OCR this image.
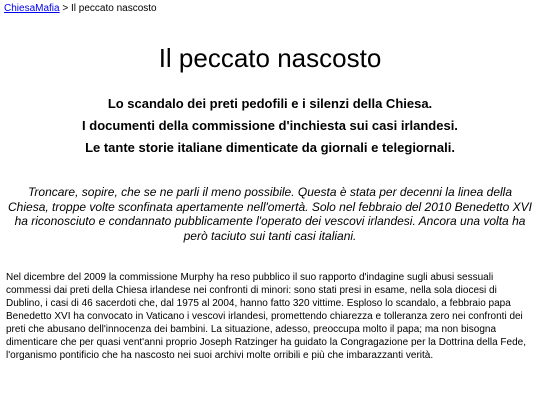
ChiesaMafia > Il peccato nascosto
Il peccato nascosto

Lo scandalo dei preti pedofili e i silenzi della Chiesa.

I documenti della commissione d'inchiesta sui casi irlandesi.

Le tante storie italiane dimenticate da giornali e telegiornali.

Troncare, sopire, che se ne parli il meno possibile. Questa è stata per decenni la linea della Chiesa, troppe volte sconfinata apertamente nell'omertà. Solo nel febbraio del 2010 Benedetto XVI ha riconosciuto e condannato pubblicamente l'operato dei vescovi irlandesi. Ancora una volta ha però taciuto sui tanti casi italiani.

Nel dicembre del 2009 la commissione Murphy ha reso pubblico il suo rapporto d'indagine sugli abusi sessuali commessi dai preti della Chiesa irlandese nei confronti di minori: sono stati presi in esame, nella sola diocesi di Dublino, i casi di 46 sacerdoti che, dal 1975 al 2004, hanno fatto 320 vittime. Esploso lo scandalo, a febbraio papa Benedetto XVI ha convocato in Vaticano i vescovi irlandesi, promettendo chiarezza e tolleranza zero nei confronti dei preti che abusano dell'innocenza dei bambini. La situazione, adesso, preoccupa molto il papa; ma non bisogna dimenticare che per quasi vent'anni proprio Joseph Ratzinger ha guidato la Congragazione per la Dottrina della Fede, l'organismo pontificio che ha nascosto nei suoi archivi molte orribili e più che imbarazzanti verità.
